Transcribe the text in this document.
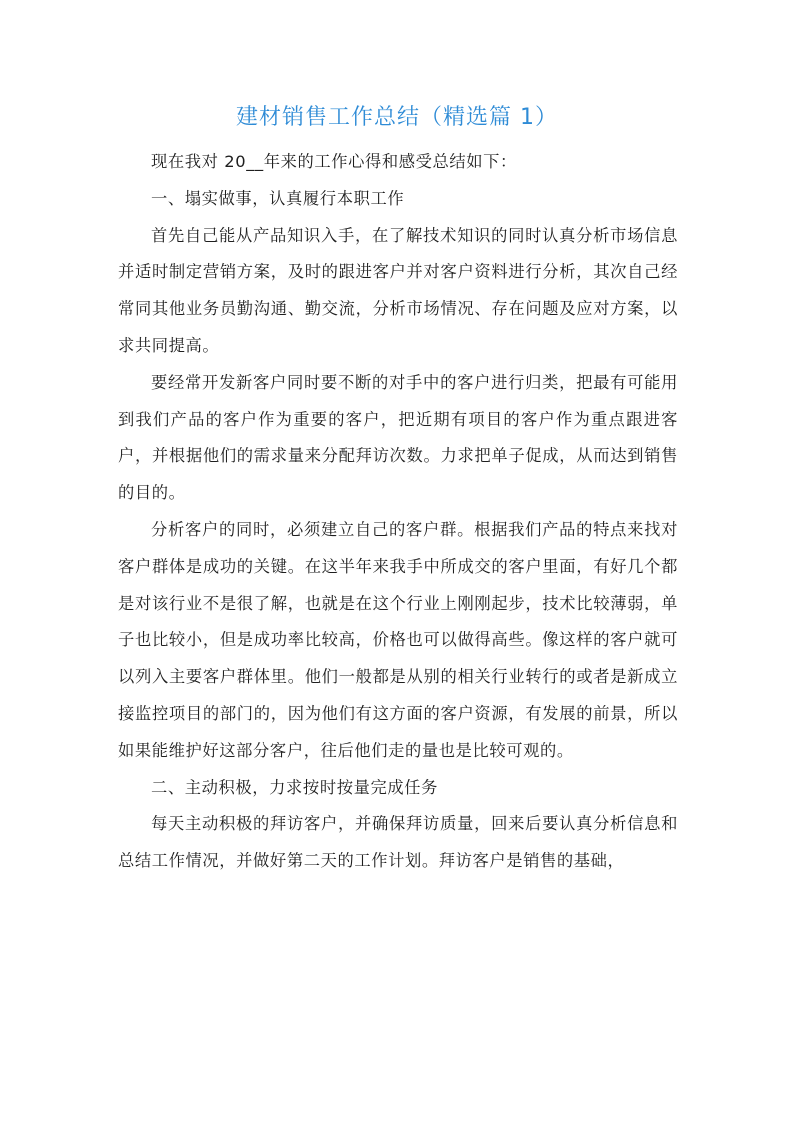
建材销售工作总结（精选篇 1）

现在我对 20__年来的工作心得和感受总结如下：

一、塌实做事，认真履行本职工作

首先自己能从产品知识入手，在了解技术知识的同时认真分析市场信息并适时制定营销方案，及时的跟进客户并对客户资料进行分析，其次自己经常同其他业务员勤沟通、勤交流，分析市场情况、存在问题及应对方案，以求共同提高。

要经常开发新客户同时要不断的对手中的客户进行归类，把最有可能用到我们产品的客户作为重要的客户，把近期有项目的客户作为重点跟进客户，并根据他们的需求量来分配拜访次数。力求把单子促成，从而达到销售的目的。

分析客户的同时，必须建立自己的客户群。根据我们产品的特点来找对客户群体是成功的关键。在这半年来我手中所成交的客户里面，有好几个都是对该行业不是很了解，也就是在这个行业上刚刚起步，技术比较薄弱，单子也比较小，但是成功率比较高，价格也可以做得高些。像这样的客户就可以列入主要客户群体里。他们一般都是从别的相关行业转行的或者是新成立接监控项目的部门的，因为他们有这方面的客户资源，有发展的前景，所以如果能维护好这部分客户，往后他们走的量也是比较可观的。

二、主动积极，力求按时按量完成任务

每天主动积极的拜访客户，并确保拜访质量，回来后要认真分析信息和总结工作情况，并做好第二天的工作计划。拜访客户是销售的基础，
